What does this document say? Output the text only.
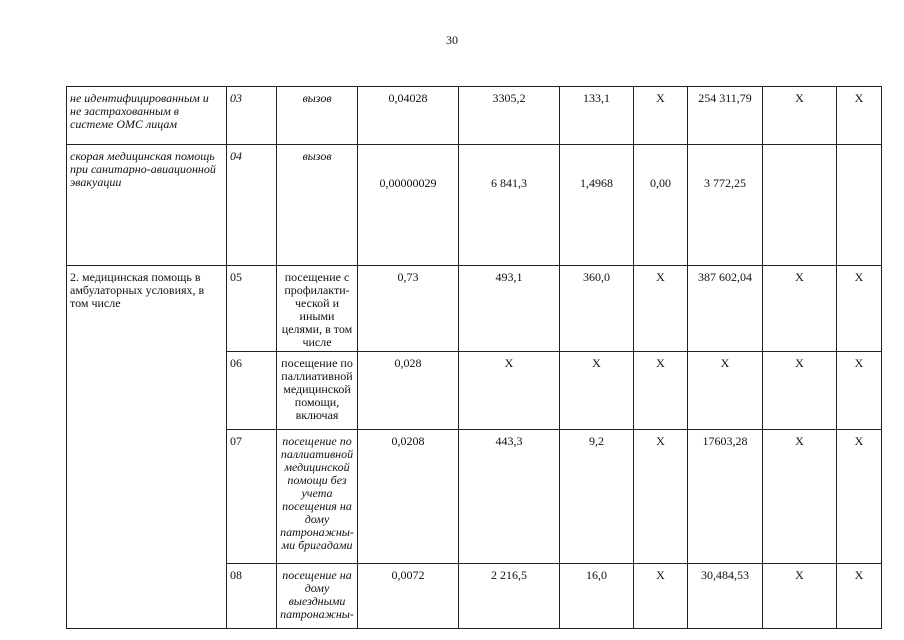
30
не идентифицированным и не застрахованным в системе ОМС лицам	03	вызов	0,04028	3305,2	133,1	X	254 311,79	X	X
скорая медицинская помощь при санитарно-авиационной эвакуации	04	вызов	0,00000029	6 841,3	1,4968	0,00	3 772,25		
2. медицинская помощь в амбулаторных условиях, в том числе	05	посещение с профилакти-ческой и иными целями, в том числе	0,73	493,1	360,0	X	387 602,04	X	X
	06	посещение по паллиативной медицинской помощи, включая	0,028	X	X	X	X	X	X
	07	посещение по паллиативной медицинской помощи без учета посещения на дому патронажны-ми бригадами	0,0208	443,3	9,2	X	17603,28	X	X
	08	посещение на дому выездными патронажны-	0,0072	2 216,5	16,0	X	30,484,53	X	X
